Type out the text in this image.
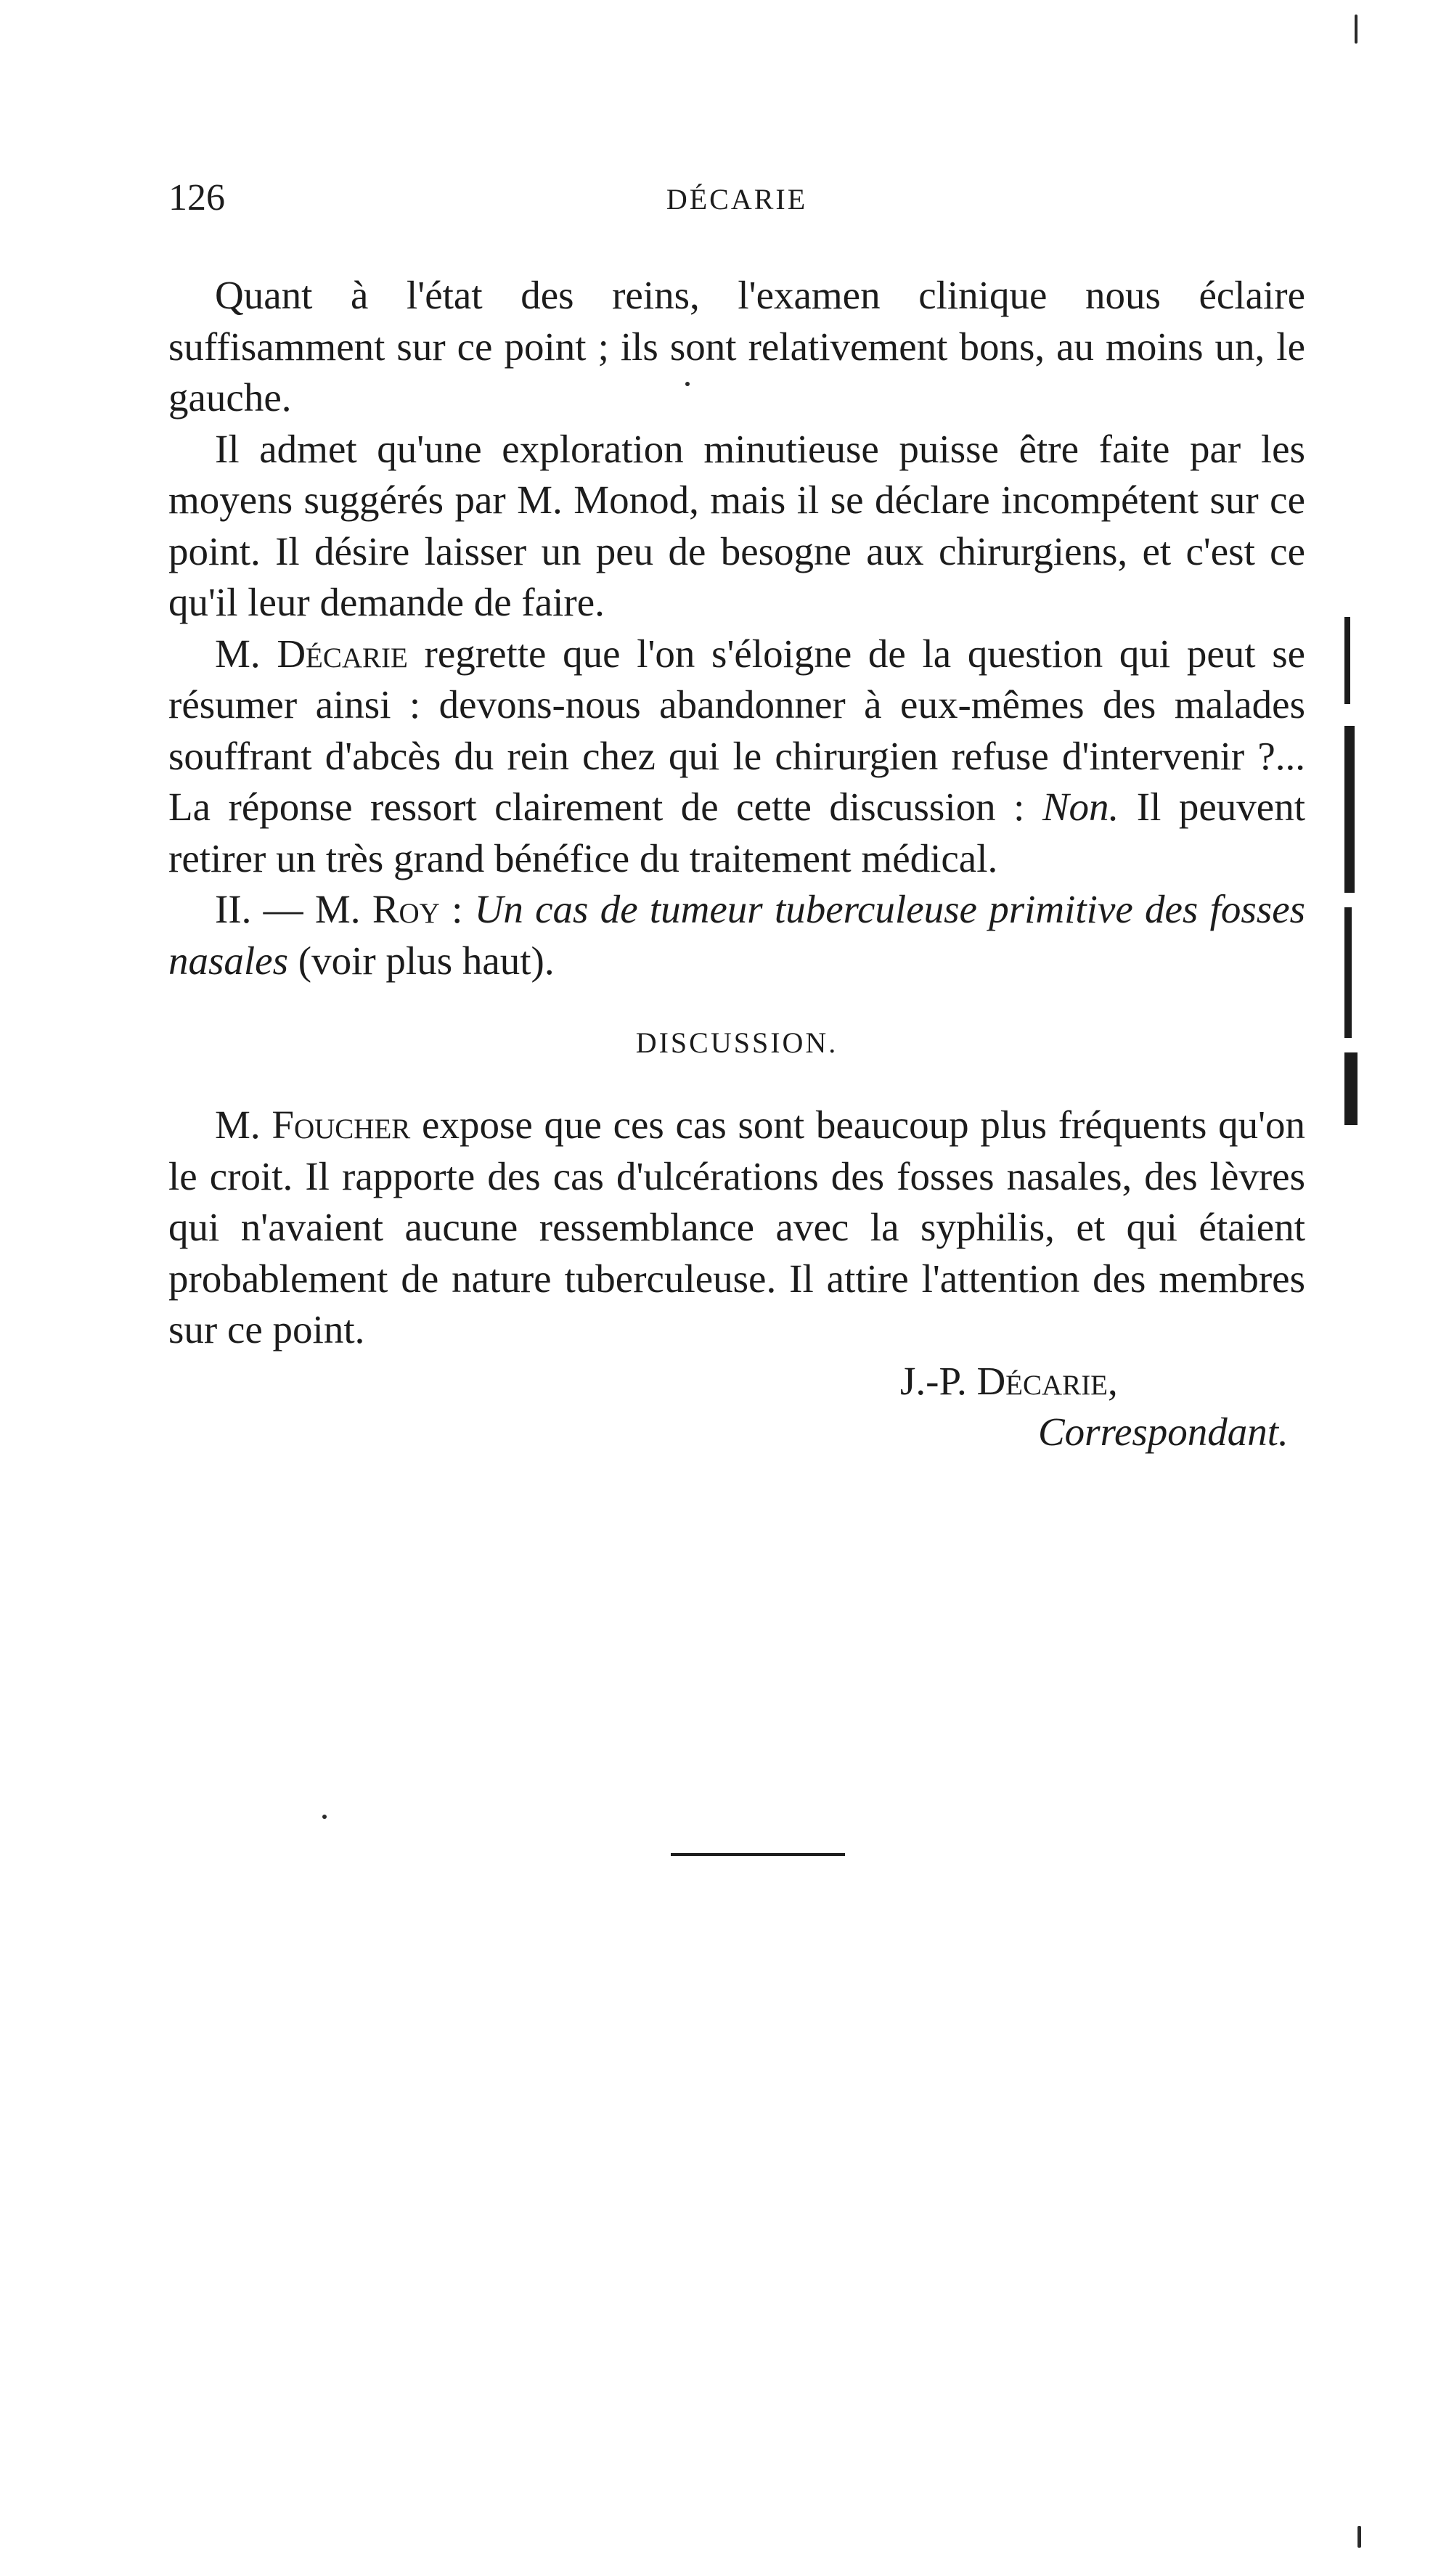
126	DÉCARIE

Quant à l'état des reins, l'examen clinique nous éclaire suffisamment sur ce point ; ils sont relativement bons, au moins un, le gauche.

Il admet qu'une exploration minutieuse puisse être faite par les moyens suggérés par M. Monod, mais il se déclare incompétent sur ce point. Il désire laisser un peu de besogne aux chirurgiens, et c'est ce qu'il leur demande de faire.

M. Décarie regrette que l'on s'éloigne de la question qui peut se résumer ainsi : devons-nous abandonner à eux-mêmes des malades souffrant d'abcès du rein chez qui le chirurgien refuse d'intervenir ?... La réponse ressort clairement de cette discussion : Non. Il peuvent retirer un très grand bénéfice du traitement médical.

II. — M. Roy : Un cas de tumeur tuberculeuse primitive des fosses nasales (voir plus haut).

DISCUSSION.

M. Foucher expose que ces cas sont beaucoup plus fréquents qu'on le croit. Il rapporte des cas d'ulcérations des fosses nasales, des lèvres qui n'avaient aucune ressemblance avec la syphilis, et qui étaient probablement de nature tuberculeuse. Il attire l'attention des membres sur ce point.

J.-P. Décarie,
Correspondant.
